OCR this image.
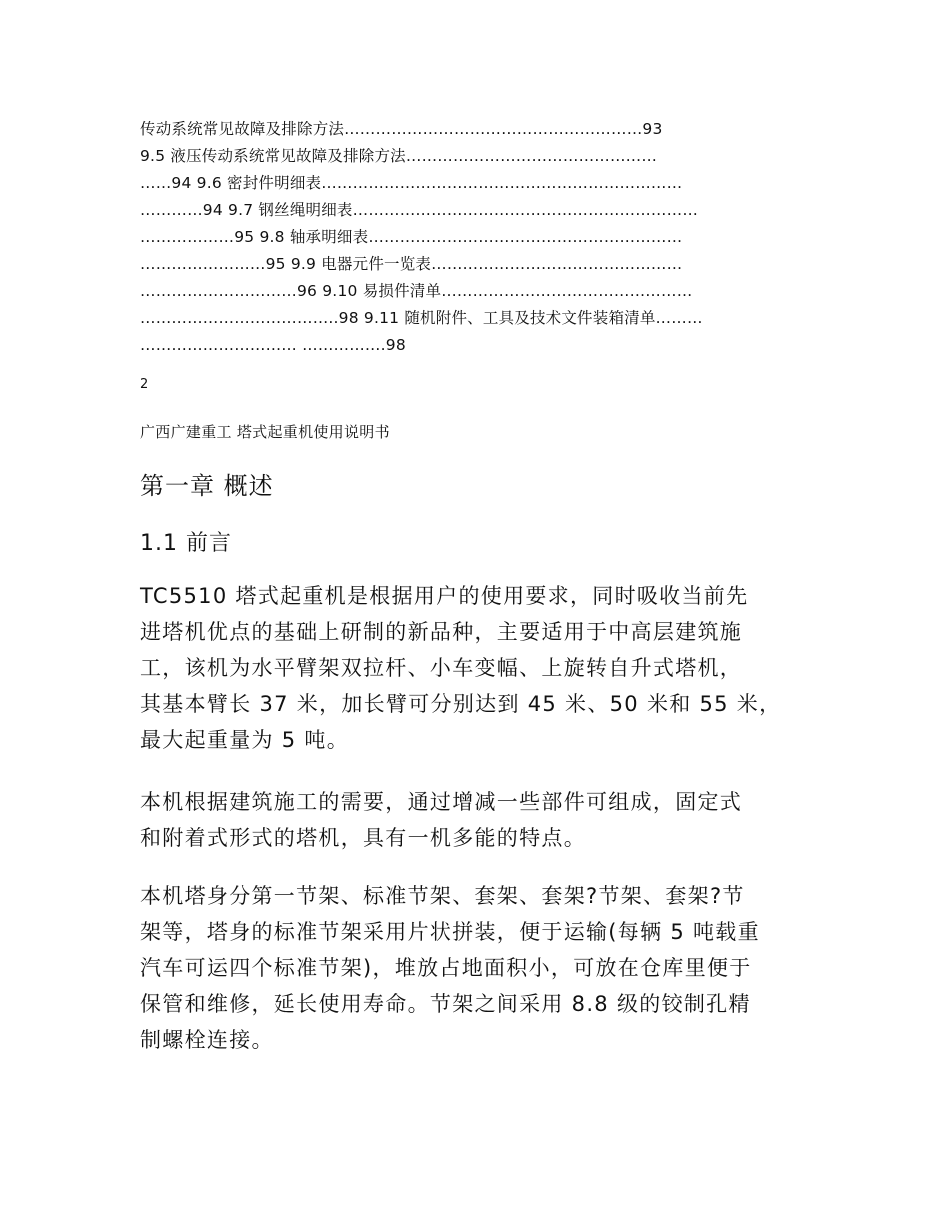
传动系统常见故障及排除方法…………………………………………………93
9.5 液压传动系统常见故障及排除方法…………………………………………
……94 9.6 密封件明细表……………………………………………………………
…………94 9.7 钢丝绳明细表…………………………………………………………
………………95 9.8 轴承明细表……………………………………………………
……………………95 9.9 电器元件一览表…………………………………………
…………………………96 9.10 易损件清单…………………………………………
………………………………..98 9.11 随机附件、工具及技术文件装箱清单………
………………………… …………….98
2
广西广建重工 塔式起重机使用说明书
第一章 概述
1.1 前言
TC5510 塔式起重机是根据用户的使用要求，同时吸收当前先
进塔机优点的基础上研制的新品种，主要适用于中高层建筑施
工，该机为水平臂架双拉杆、小车变幅、上旋转自升式塔机，
其基本臂长 37 米，加长臂可分别达到 45 米、50 米和 55 米，
最大起重量为 5 吨。
本机根据建筑施工的需要，通过增减一些部件可组成，固定式
和附着式形式的塔机，具有一机多能的特点。
本机塔身分第一节架、标准节架、套架、套架?节架、套架?节
架等，塔身的标准节架采用片状拼装，便于运输(每辆 5 吨载重
汽车可运四个标准节架)，堆放占地面积小，可放在仓库里便于
保管和维修，延长使用寿命。节架之间采用 8.8 级的铰制孔精
制螺栓连接。
